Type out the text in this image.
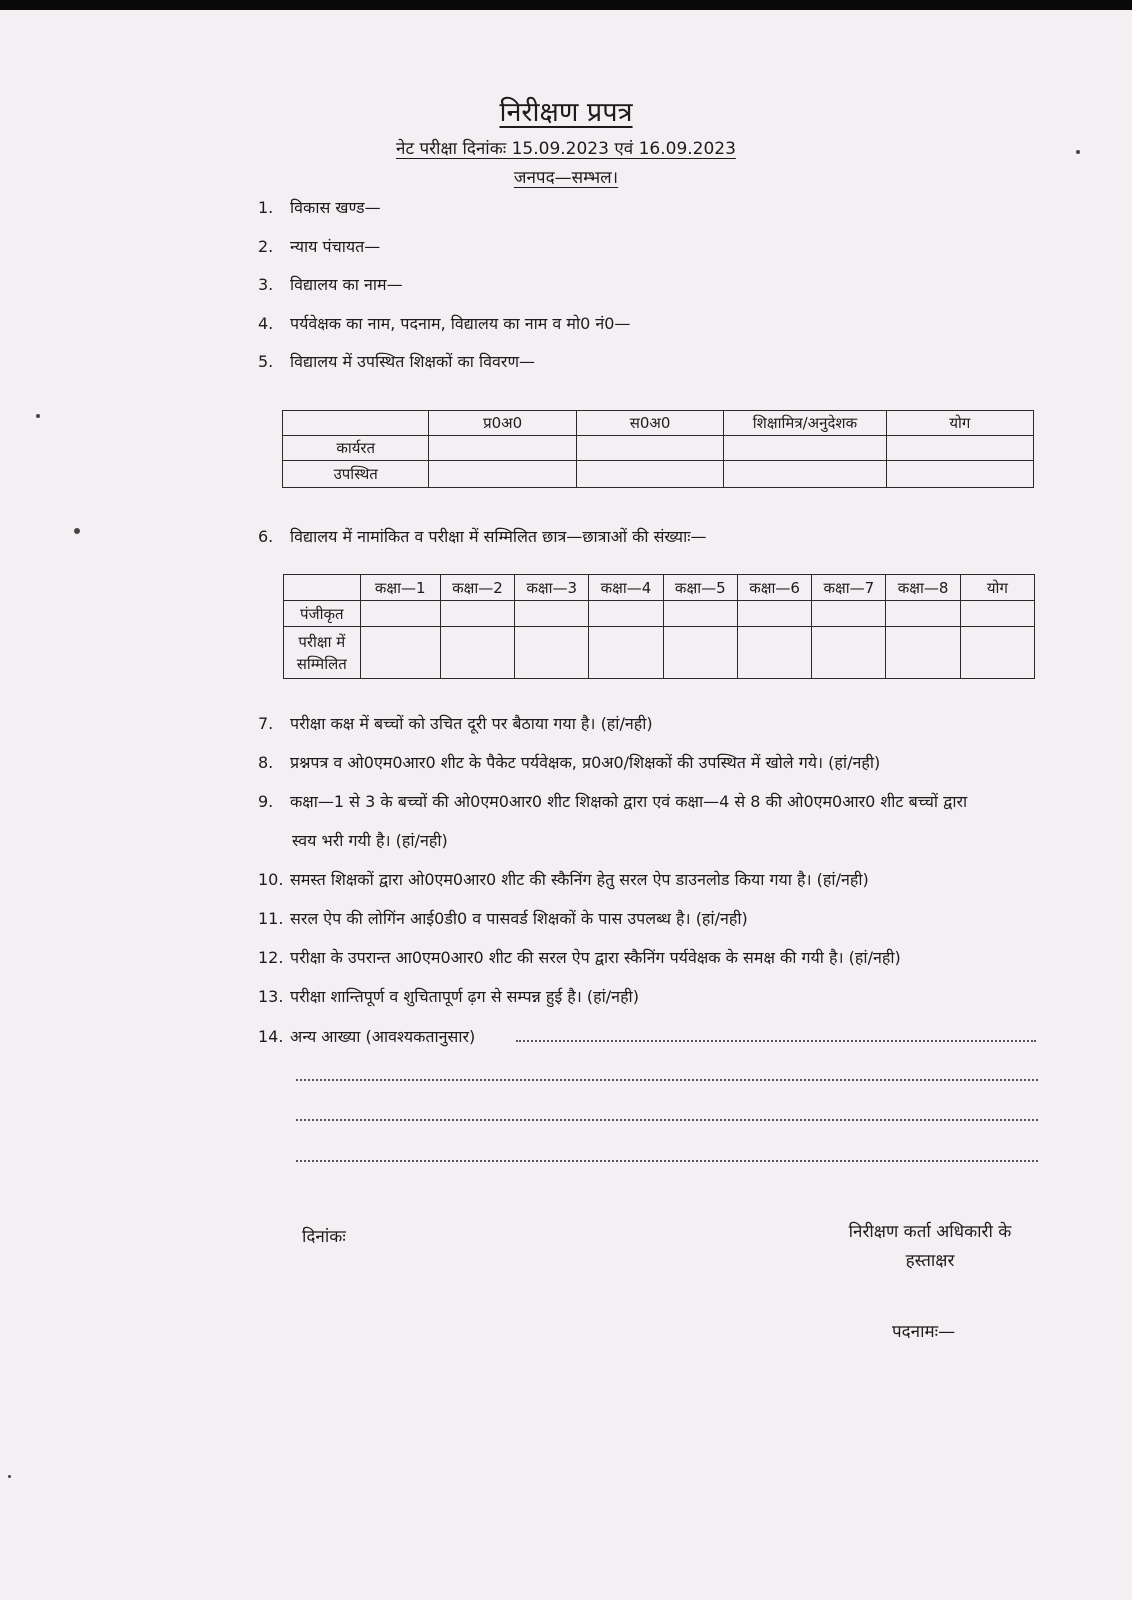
निरीक्षण प्रपत्र
नेट परीक्षा दिनांकः 15.09.2023 एवं 16.09.2023
जनपद—सम्भल।
1. विकास खण्ड—
2. न्याय पंचायत—
3. विद्यालय का नाम—
4. पर्यवेक्षक का नाम, पदनाम, विद्यालय का नाम व मो0 नं0—
5. विद्यालय में उपस्थित शिक्षकों का विवरण—
	प्र0अ0	स0अ0	शिक्षामित्र/अनुदेशक	योग
कार्यरत				
उपस्थित				
6. विद्यालय में नामांकित व परीक्षा में सम्मिलित छात्र—छात्राओं की संख्याः—
	कक्षा—1	कक्षा—2	कक्षा—3	कक्षा—4	कक्षा—5	कक्षा—6	कक्षा—7	कक्षा—8	योग
पंजीकृत									
परीक्षा में सम्मिलित									
7. परीक्षा कक्ष में बच्चों को उचित दूरी पर बैठाया गया है। (हां/नही)
8. प्रश्नपत्र व ओ0एम0आर0 शीट के पैकेट पर्यवेक्षक, प्र0अ0/शिक्षकों की उपस्थित में खोले गये। (हां/नही)
9. कक्षा—1 से 3 के बच्चों की ओ0एम0आर0 शीट शिक्षको द्वारा एवं कक्षा—4 से 8 की ओ0एम0आर0 शीट बच्चों द्वारा
स्वय भरी गयी है। (हां/नही)
10. समस्त शिक्षकों द्वारा ओ0एम0आर0 शीट की स्कैनिंग हेतु सरल ऐप डाउनलोड किया गया है। (हां/नही)
11. सरल ऐप की लोगिंन आई0डी0 व पासवर्ड शिक्षकों के पास उपलब्ध है। (हां/नही)
12. परीक्षा के उपरान्त आ0एम0आर0 शीट की सरल ऐप द्वारा स्कैनिंग पर्यवेक्षक के समक्ष की गयी है। (हां/नही)
13. परीक्षा शान्तिपूर्ण व शुचितापूर्ण ढ़ग से सम्पन्न हुई है। (हां/नही)
14. अन्य आख्या (आवश्यकतानुसार)
दिनांकः	निरीक्षण कर्ता अधिकारी के
हस्ताक्षर
पदनामः—
